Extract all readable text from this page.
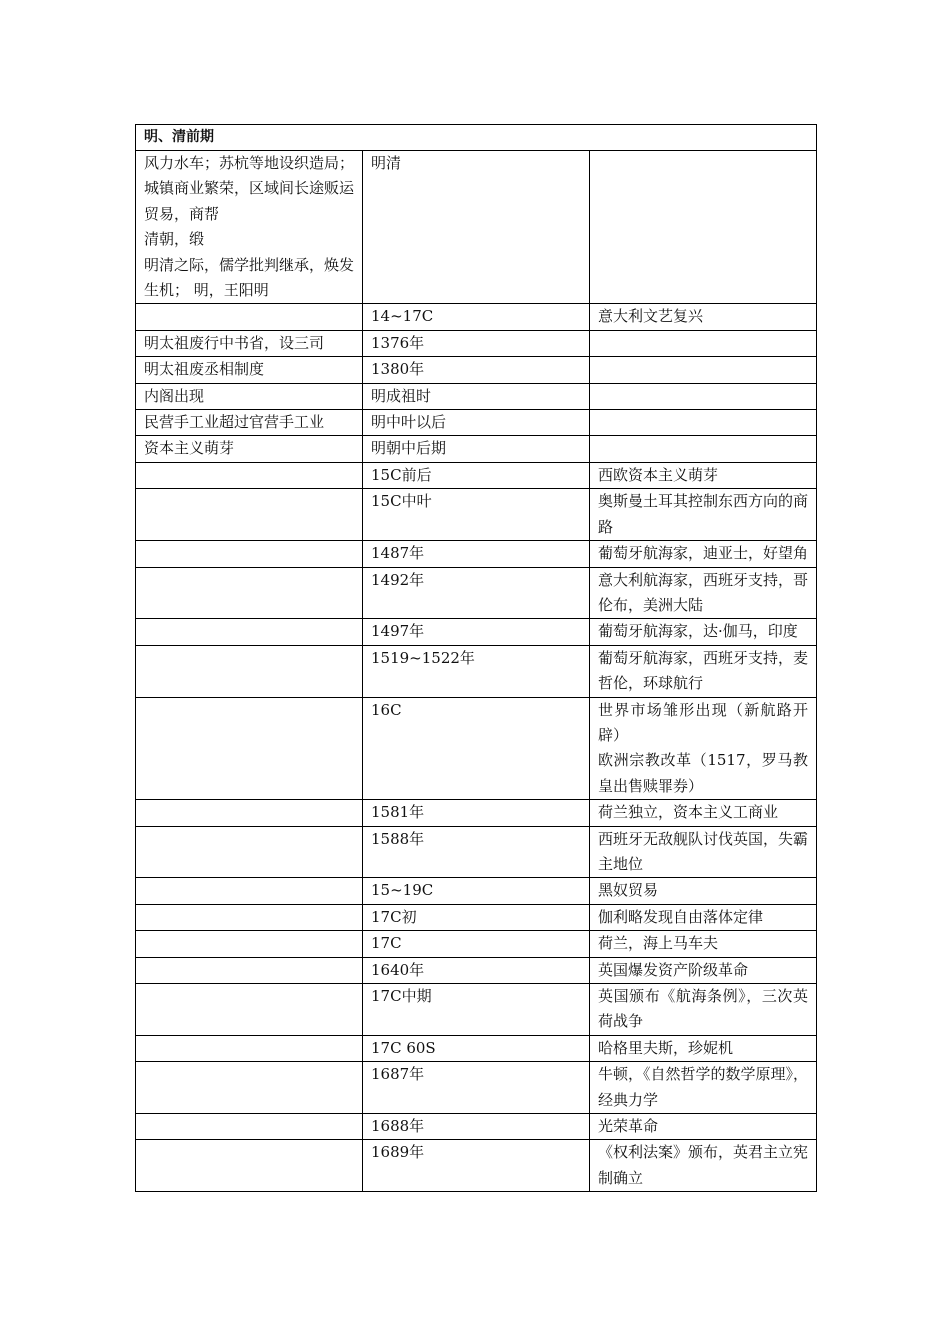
明、清前期		

风力水车；苏杭等地设织造局；城镇商业繁荣，区域间长途贩运贸易，商帮
清朝，缎
明清之际，儒学批判继承，焕发生机； 明，王阳明	明清	

	14~17C	意大利文艺复兴

明太祖废行中书省，设三司	1376年	

明太祖废丞相制度	1380年	

内阁出现	明成祖时	

民营手工业超过官营手工业	明中叶以后	

资本主义萌芽	明朝中后期	

	15C前后	西欧资本主义萌芽

	15C中叶	奥斯曼土耳其控制东西方向的商路

	1487年	葡萄牙航海家，迪亚士，好望角

	1492年	意大利航海家，西班牙支持，哥伦布，美洲大陆

	1497年	葡萄牙航海家，达·伽马，印度

	1519~1522年	葡萄牙航海家，西班牙支持，麦哲伦，环球航行

	16C	世界市场雏形出现（新航路开辟）
欧洲宗教改革（1517，罗马教皇出售赎罪券）

	1581年	荷兰独立，资本主义工商业

	1588年	西班牙无敌舰队讨伐英国，失霸主地位

	15~19C	黑奴贸易

	17C初	伽利略发现自由落体定律

	17C	荷兰，海上马车夫

	1640年	英国爆发资产阶级革命

	17C中期	英国颁布《航海条例》，三次英荷战争

	17C 60S	哈格里夫斯，珍妮机

	1687年	牛顿，《自然哲学的数学原理》，经典力学

	1688年	光荣革命

	1689年	《权利法案》颁布，英君主立宪制确立
